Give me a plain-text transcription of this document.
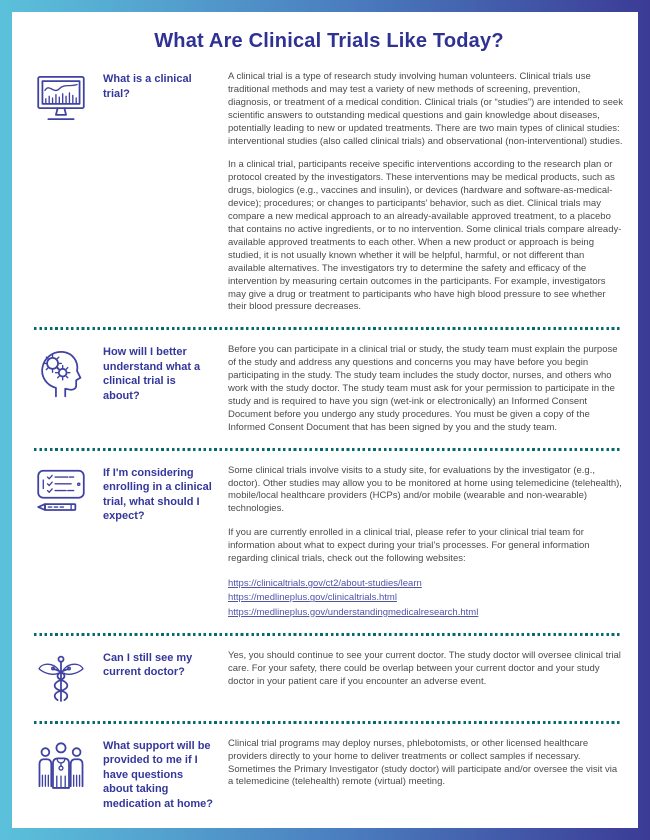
What Are Clinical Trials Like Today?
What is a clinical trial?

A clinical trial is a type of research study involving human volunteers. Clinical trials use traditional methods and may test a variety of new methods of screening, prevention, diagnosis, or treatment of a medical condition. Clinical trials (or “studies”) are intended to seek scientific answers to outstanding medical questions and gain knowledge about diseases, potentially leading to new or updated treatments. There are two main types of clinical studies: interventional studies (also called clinical trials) and observational (non-interventional) studies.

In a clinical trial, participants receive specific interventions according to the research plan or protocol created by the investigators. These interventions may be medical products, such as drugs, biologics (e.g., vaccines and insulin), or devices (hardware and software-as-medical-device); procedures; or changes to participants’ behavior, such as diet. Clinical trials may compare a new medical approach to an already-available approved treatment, to a placebo that contains no active ingredients, or to no intervention. Some clinical trials compare already-available approved treatments to each other. When a new product or approach is being studied, it is not usually known whether it will be helpful, harmful, or not different than available alternatives. The investigators try to determine the safety and efficacy of the intervention by measuring certain outcomes in the participants. For example, investigators may give a drug or treatment to participants who have high blood pressure to see whether their blood pressure decreases.

How will I better understand what a clinical trial is about?

Before you can participate in a clinical trial or study, the study team must explain the purpose of the study and address any questions and concerns you may have before you begin participating in the study. The study team includes the study doctor, nurses, and others who work with the study doctor. The study team must ask for your permission to participate in the study and is required to have you sign (wet-ink or electronically) an Informed Consent Document before you undergo any study procedures. You must be given a copy of the Informed Consent Document that has been signed by you and the study team.

If I'm considering enrolling in a clinical trial, what should I expect?

Some clinical trials involve visits to a study site, for evaluations by the investigator (e.g., doctor). Other studies may allow you to be monitored at home using telemedicine (telehealth), mobile/local healthcare providers (HCPs) and/or mobile (wearable and non-wearable) technologies.

If you are currently enrolled in a clinical trial, please refer to your clinical trial team for information about what to expect during your trial’s processes. For general information regarding clinical trials, check out the following websites:

https://clinicaltrials.gov/ct2/about-studies/learn
https://medlineplus.gov/clinicaltrials.html
https://medlineplus.gov/understandingmedicalresearch.html
Can I still see my current doctor?

Yes, you should continue to see your current doctor. The study doctor will oversee clinical trial care. For your safety, there could be overlap between your current doctor and your study doctor in your patient care if you encounter an adverse event.

What support will be provided to me if I have questions about taking medication at home?

Clinical trial programs may deploy nurses, phlebotomists, or other licensed healthcare providers directly to your home to deliver treatments or collect samples if necessary. Sometimes the Primary Investigator (study doctor) will participate and/or oversee the visit via a telemedicine (telehealth) remote (virtual) meeting.
